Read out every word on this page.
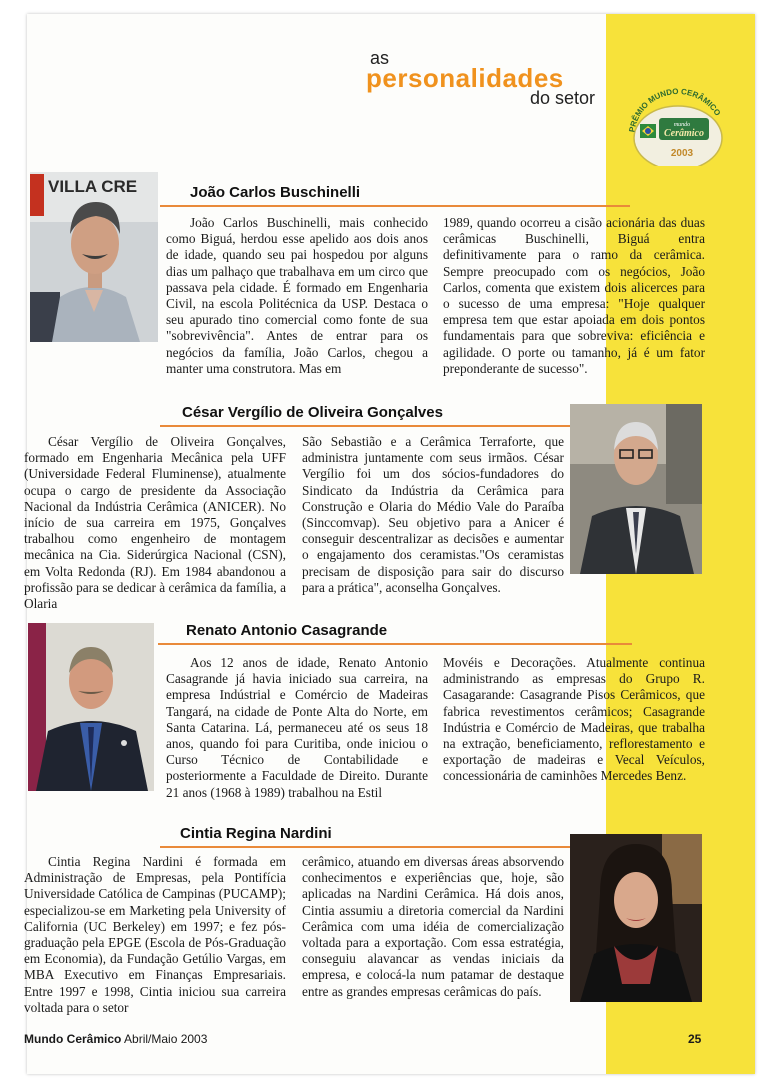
as
personalidades
do setor
PRÊMIO MUNDO CERÂMICO
mundo
Cerâmico
2003
VILLA CRE	João Carlos Buschinelli

João Carlos Buschinelli, mais conhecido como Biguá, herdou esse apelido aos dois anos de idade, quando seu pai hospedou por alguns dias um palhaço que trabalhava em um circo que passava pela cidade. É formado em Engenharia Civil, na escola Politécnica da USP. Destaca o seu apurado tino comercial como fonte de sua "sobrevivência". Antes de entrar para os negócios da família, João Carlos, chegou a manter uma construtora. Mas em

1989, quando ocorreu a cisão acionária das duas cerâmicas Buschinelli, Biguá entra definitivamente para o ramo da cerâmica. Sempre preocupado com os negócios, João Carlos, comenta que existem dois alicerces para o sucesso de uma empresa: "Hoje qualquer empresa tem que estar apoiada em dois pontos fundamentais para que sobreviva: eficiência e agilidade. O porte ou tamanho, já é um fator preponderante de sucesso".

César Vergílio de Oliveira Gonçalves

César Vergílio de Oliveira Gonçalves, formado em Engenharia Mecânica pela UFF (Universidade Federal Fluminense), atualmente ocupa o cargo de presidente da Associação Nacional da Indústria Cerâmica (ANICER). No início de sua carreira em 1975, Gonçalves trabalhou como engenheiro de montagem mecânica na Cia. Siderúrgica Nacional (CSN), em Volta Redonda (RJ). Em 1984 abandonou a profissão para se dedicar à cerâmica da família, a Olaria

São Sebastião e a Cerâmica Terraforte, que administra juntamente com seus irmãos. César Vergílio foi um dos sócios-fundadores do Sindicato da Indústria da Cerâmica para Construção e Olaria do Médio Vale do Paraíba (Sinccomvap). Seu objetivo para a Anicer é conseguir descentralizar as decisões e aumentar o engajamento dos ceramistas."Os ceramistas precisam de disposição para sair do discurso para a prática", aconselha Gonçalves.

Renato Antonio Casagrande

Aos 12 anos de idade, Renato Antonio Casagrande já havia iniciado sua carreira, na empresa Indústrial e Comércio de Madeiras Tangará, na cidade de Ponte Alta do Norte, em Santa Catarina. Lá, permaneceu até os seus 18 anos, quando foi para Curitiba, onde iniciou o Curso Técnico de Contabilidade e posteriormente a Faculdade de Direito. Durante 21 anos (1968 à 1989) trabalhou na Estil

Movéis e Decorações. Atualmente continua administrando as empresas do Grupo R. Casagarande: Casagrande Pisos Cerâmicos, que fabrica revestimentos cerâmicos; Casagrande Indústria e Comércio de Madeiras, que trabalha na extração, beneficiamento, reflorestamento e exportação de madeiras e Vecal Veículos, concessionária de caminhões Mercedes Benz.

Cintia Regina Nardini

Cintia Regina Nardini é formada em Administração de Empresas, pela Pontifícia Universidade Católica de Campinas (PUCAMP); especializou-se em Marketing pela University of California (UC Berkeley) em 1997; e fez pós-graduação pela EPGE (Escola de Pós-Graduação em Economia), da Fundação Getúlio Vargas, em MBA Executivo em Finanças Empresariais. Entre 1997 e 1998, Cintia iniciou sua carreira voltada para o setor

cerâmico, atuando em diversas áreas absorvendo conhecimentos e experiências que, hoje, são aplicadas na Nardini Cerâmica. Há dois anos, Cintia assumiu a diretoria comercial da Nardini Cerâmica com uma idéia de comercialização voltada para a exportação. Com essa estratégia, conseguiu alavancar as vendas iniciais da empresa, e colocá-la num patamar de destaque entre as grandes empresas cerâmicas do país.

Mundo Cerâmico Abril/Maio 2003	25
